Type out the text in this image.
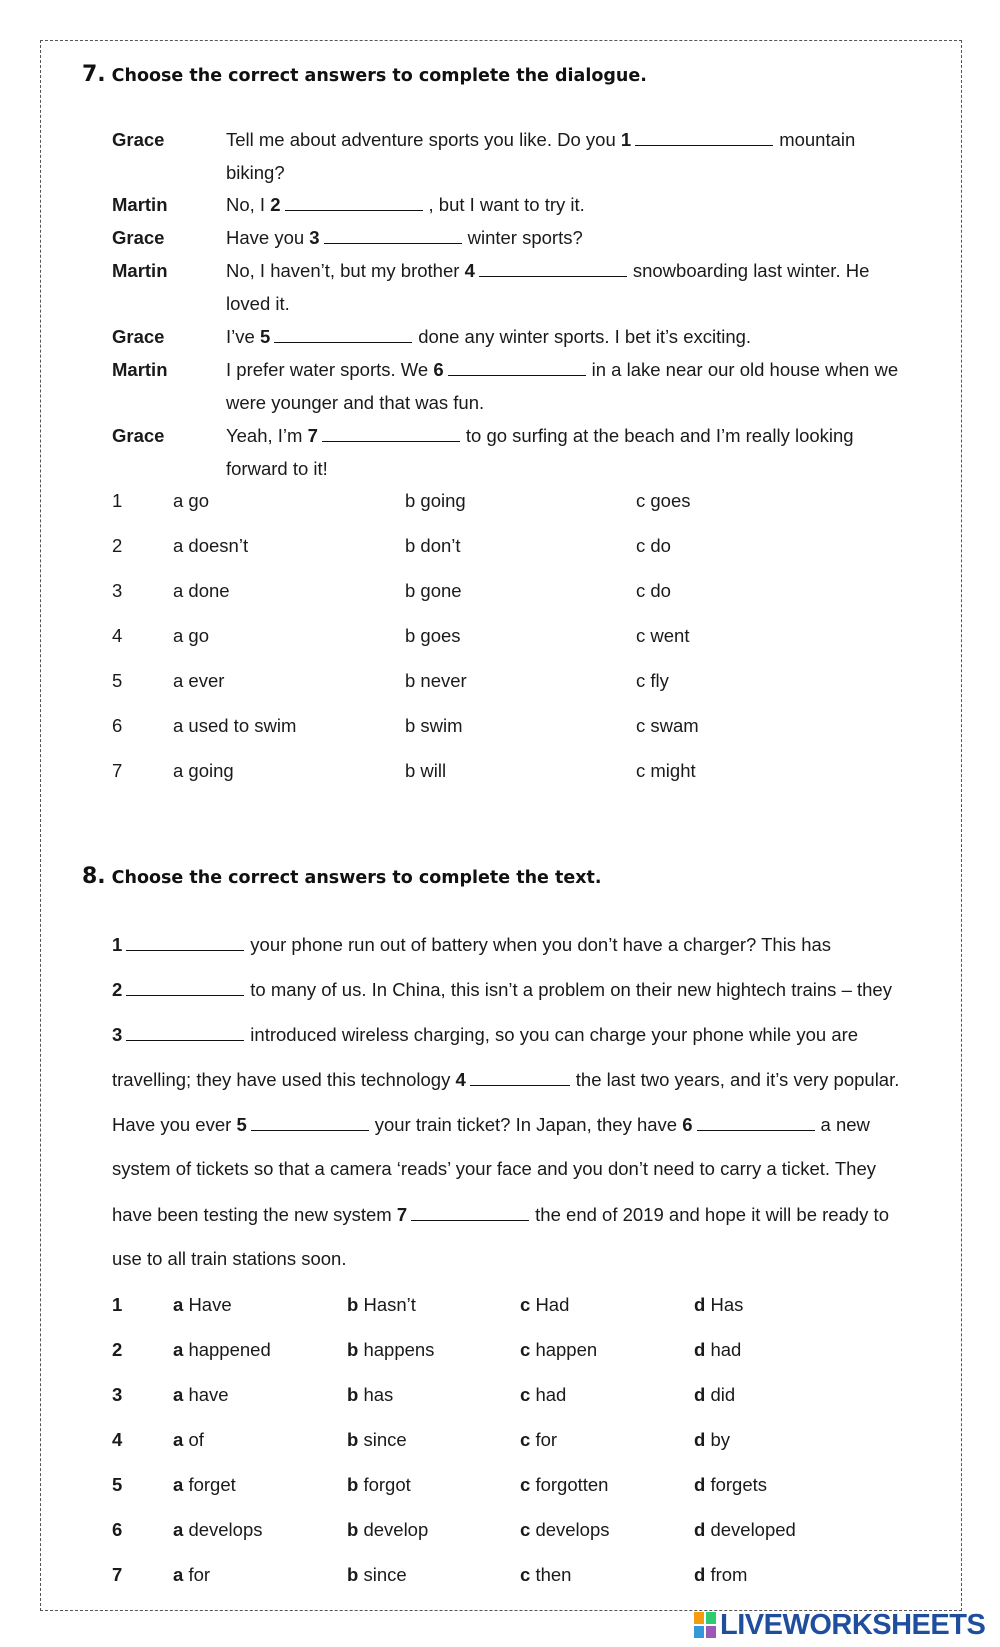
7. Choose the correct answers to complete the dialogue.
Grace	Tell me about adventure sports you like. Do you 1	mountain
biking?
Martin	No, I 2	, but I want to try it.
Grace	Have you 3	winter sports?
Martin	No, I haven’t, but my brother 4	snowboarding last winter. He
loved it.
Grace	I’ve 5	done any winter sports. I bet it’s exciting.
Martin	I prefer water sports. We 6	in a lake near our old house when we
were younger and that was fun.
Grace	Yeah, I’m 7	to go surfing at the beach and I’m really looking
forward to it!
1	a go	b going	c goes
2	a doesn’t	b don’t	c do
3	a done	b gone	c do
4	a go	b goes	c went
5	a ever	b never	c fly
6	a used to swim	b swim	c swam
7	a going	b will	c might
8. Choose the correct answers to complete the text.
1	your phone run out of battery when you don’t have a charger? This has
2	to many of us. In China, this isn’t a problem on their new hightech trains – they
3	introduced wireless charging, so you can charge your phone while you are
travelling; they have used this technology 4	the last two years, and it’s very popular.
Have you ever 5	your train ticket? In Japan, they have 6	a new
system of tickets so that a camera ‘reads’ your face and you don’t need to carry a ticket. They
have been testing the new system 7	the end of 2019 and hope it will be ready to
use to all train stations soon.
1	a Have	b Hasn’t	c Had	d Has
2	a happened	b happens	c happen	d had
3	a have	b has	c had	d did
4	a of	b since	c for	d by
5	a forget	b forgot	c forgotten	d forgets
6	a develops	b develop	c develops	d developed
7	a for	b since	c then	d from
LIVEWORKSHEETS
